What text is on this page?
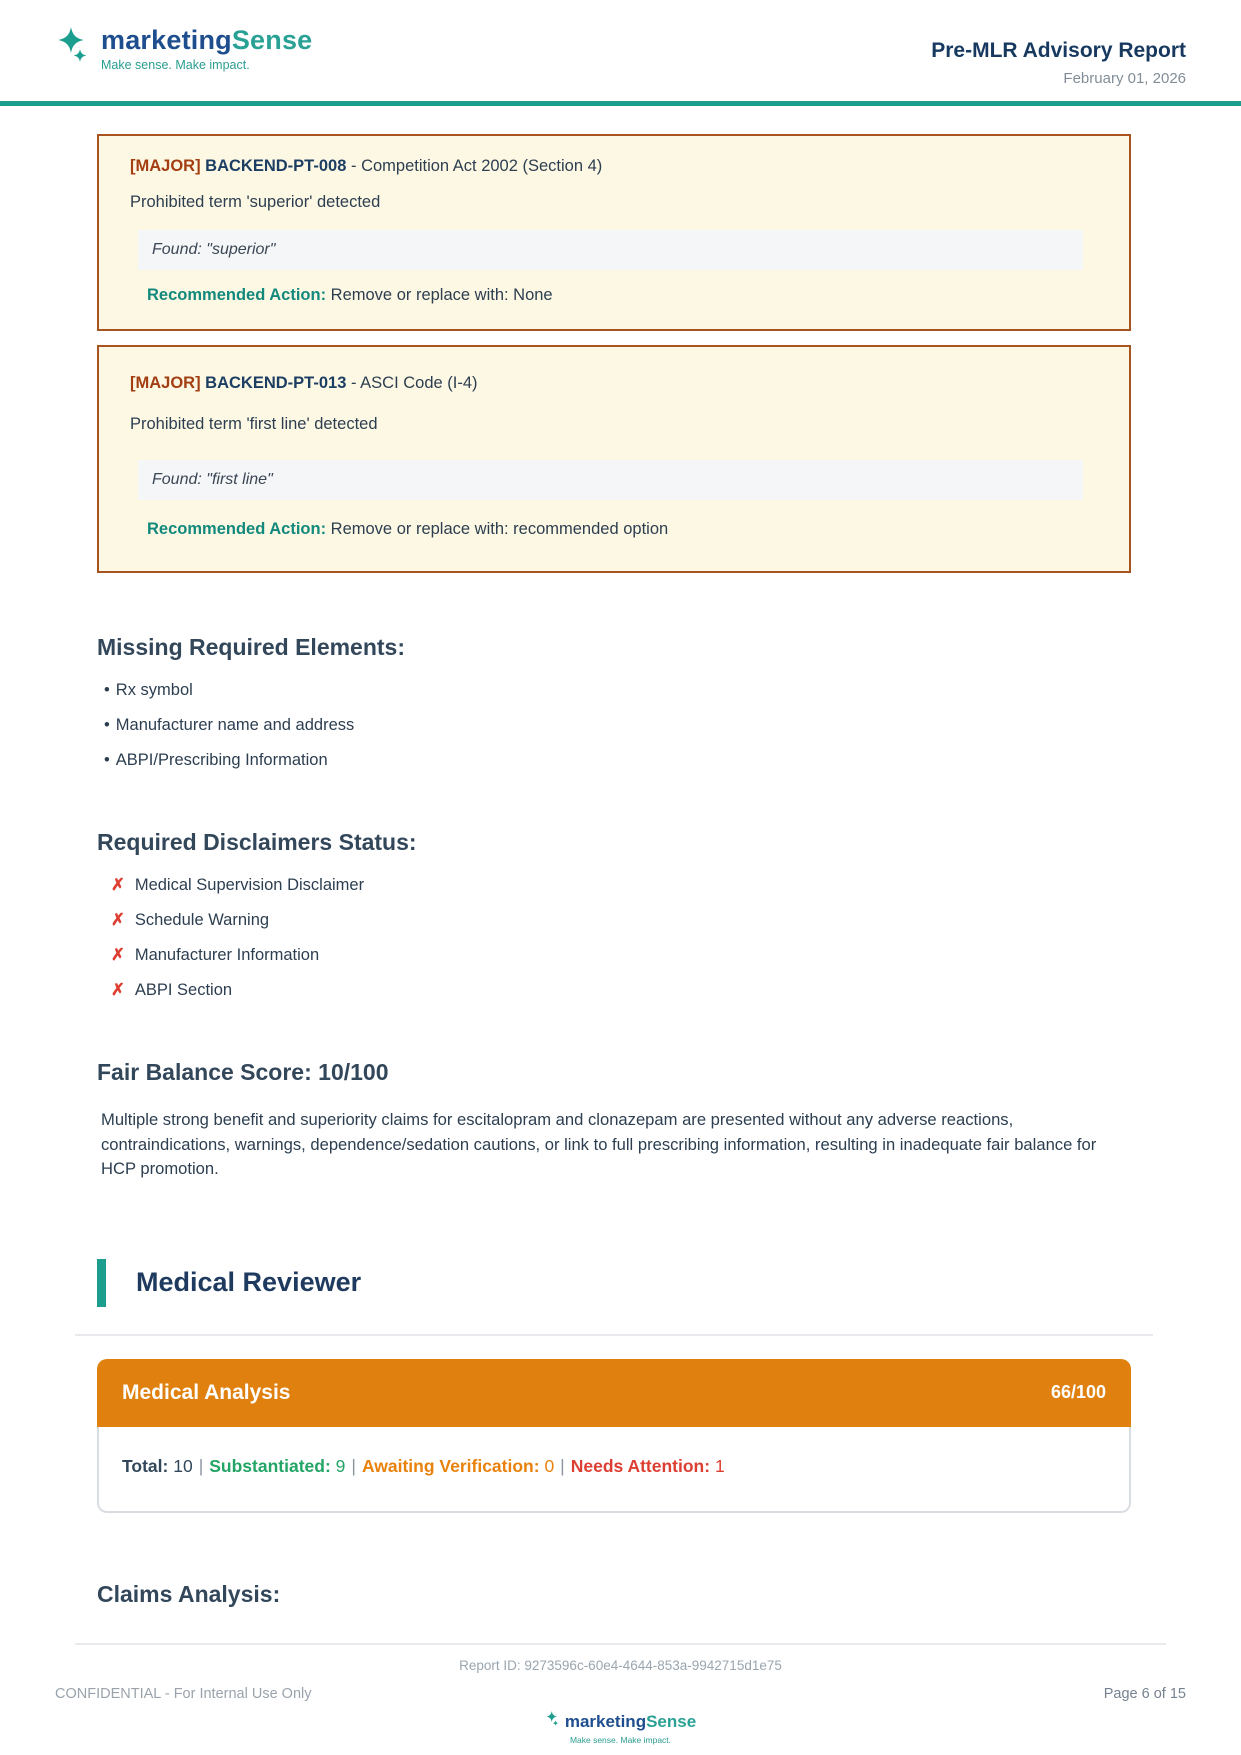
marketingSense
Make sense. Make impact.
Pre-MLR Advisory Report
February 01, 2026
[MAJOR] BACKEND-PT-008 - Competition Act 2002 (Section 4)
Prohibited term 'superior' detected
Found: "superior"
Recommended Action: Remove or replace with: None
[MAJOR] BACKEND-PT-013 - ASCI Code (I-4)
Prohibited term 'first line' detected
Found: "first line"
Recommended Action: Remove or replace with: recommended option
Missing Required Elements:
• Rx symbol
• Manufacturer name and address
• ABPI/Prescribing Information
Required Disclaimers Status:
✗ Medical Supervision Disclaimer
✗ Schedule Warning
✗ Manufacturer Information
✗ ABPI Section
Fair Balance Score: 10/100

Multiple strong benefit and superiority claims for escitalopram and clonazepam are presented without any adverse reactions, contraindications, warnings, dependence/sedation cautions, or link to full prescribing information, resulting in inadequate fair balance for HCP promotion.

Medical Reviewer
Medical Analysis	66/100
Total: 10 | Substantiated: 9 | Awaiting Verification: 0 | Needs Attention: 1
Claims Analysis:
Report ID: 9273596c-60e4-4644-853a-9942715d1e75
CONFIDENTIAL - For Internal Use Only	Page 6 of 15
marketingSense
Make sense. Make impact.
